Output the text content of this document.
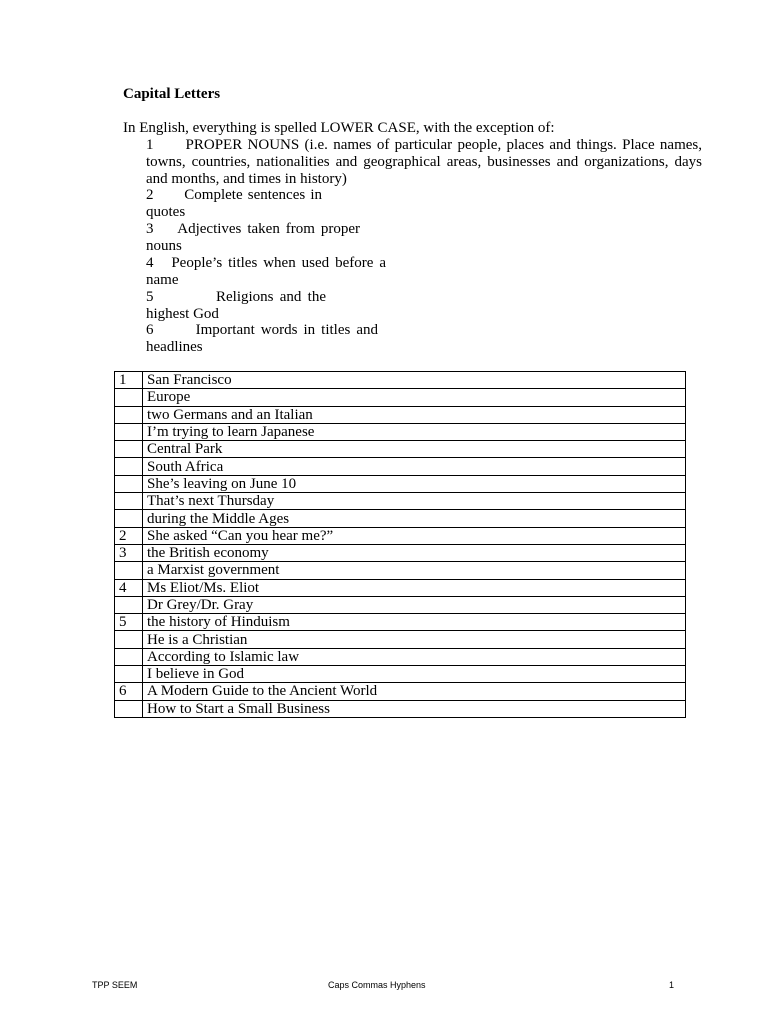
Capital Letters

In English, everything is spelled LOWER CASE, with the exception of:

1 PROPER NOUNS (i.e. names of particular people, places and things. Place names, towns, countries, nationalities and geographical areas, businesses and organizations, days and months, and times in history)
2 Complete sentences in
quotes
3 Adjectives taken from proper
nouns
4 People’s titles when used before a
name
5	Religions and the
highest God
6	Important words in titles and
headlines
1	San Francisco
	Europe
	two Germans and an Italian
	I’m trying to learn Japanese
	Central Park
	South Africa
	She’s leaving on June 10
	That’s next Thursday
	during the Middle Ages
2	She asked “Can you hear me?”
3	the British economy
	a Marxist government
4	Ms Eliot/Ms. Eliot
	Dr Grey/Dr. Gray
5	the history of Hinduism
	He is a Christian
	According to Islamic law
	I believe in God
6	A Modern Guide to the Ancient World
	How to Start a Small Business
TPP SEEM	Caps Commas Hyphens	1
